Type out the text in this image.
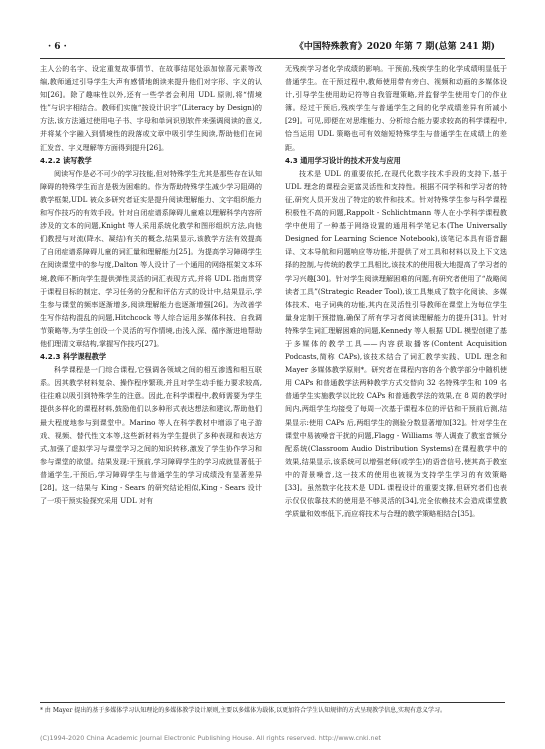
· 6 ·	《中国特殊教育》2020 年第 7 期(总第 241 期)

主人公的名字、设定重复故事情节、在故事结尾处添加惊喜元素等改编,教师通过引导学生大声有感情地朗读来提升他们对字形、字义的认知[26]。除了趣味性以外,还有一些学者会利用 UDL 原则,将“情境性”与识字相结合。教师们实施“按设计识字”(Literacy by Design)的方法,该方法通过使用电子书、字母和单词识别软件来强调阅读的意义,并将某个字融入到情境性的段落或文章中吸引学生阅读,帮助他们在词汇发音、字义理解等方面得到提升[26]。

4.2.2 读写教学

阅读写作是必不可少的学习技能,但对特殊学生尤其是那些存在认知障碍的特殊学生而言是极为困难的。作为帮助特殊学生减少学习阻碍的教学框架,UDL 被众多研究者证实是提升阅读理解能力、文字组织能力和写作技巧的有效手段。针对自闭症谱系障碍儿童难以理解科学内容所涉及的文本的问题,Knight 等人采用系统化教学和图形组织方法,向他们教授与对流(降水、凝结)有关的概念,结果显示,该教学方法有效提高了自闭症谱系障碍儿童的词汇量和理解能力[25]。为提高学习障碍学生在阅读课堂中的参与度,Dalton 等人设计了一个通用的网络框架文本环境,教师不断向学生提供弹性灵活的词汇表现方式,并将 UDL 指南贯穿于课程目标的制定、学习任务的分配和评估方式的设计中,结果显示,学生参与课堂的频率逐渐增多,阅读理解能力也逐渐增强[26]。为改善学生写作结构混乱的问题,Hitchcock 等人综合运用多媒体科技、自我调节策略等,为学生创设一个灵活的写作情境,由浅入深、循序渐进地帮助他们理清文章结构,掌握写作技巧[27]。

4.2.3 科学课程教学

科学课程是一门综合课程,它强调各领域之间的相互渗透和相互联系。因其教学材料复杂、操作程序繁琐,并且对学生动手能力要求较高,往往难以吸引到特殊学生的注意。因此,在科学课程中,教师需要为学生提供多样化的课程材料,鼓励他们以多种形式表达想法和建议,帮助他们最大程度地参与到课堂中。Marino 等人在科学教材中增添了电子游戏、视频、替代性文本等,这些新材料为学生提供了多种表现和表达方式,加强了虚拟学习与课堂学习之间的知识转移,激发了学生协作学习和参与课堂的欲望。结果发现:干预前,学习障碍学生的学习成就显著低于普通学生,干预后,学习障碍学生与普通学生的学习成绩没有显著差异[28]。这一结果与 King - Sears 的研究结论相似,King - Sears 设计了一项干预实验探究采用 UDL 对有

无残疾学习者化学成绩的影响。干预前,残疾学生的化学成绩明显低于普通学生。在干预过程中,教师使用带有旁白、视频和动画的多媒体设计,引导学生使用助记符等自我管理策略,并监督学生使用专门的作业簿。经过干预后,残疾学生与普通学生之间的化学成绩差异有所减小[29]。可见,即便在对思维能力、分析综合能力要求较高的科学课程中,恰当运用 UDL 策略也可有效缩短特殊学生与普通学生在成绩上的差距。

4.3 通用学习设计的技术开发与应用

技术是 UDL 的重要依托,在现代化数字技术手段的支持下,基于 UDL 理念的课程会更富灵活性和支持性。根据不同学科和学习者的特征,研究人员开发出了特定的软件和技术。针对特殊学生参与科学课程积极性不高的问题,Rappolt - Schlichtmann 等人在小学科学课程教学中使用了一种基于网络设置的通用科学笔记本(The Universally Designed for Learning Science Notebook),该笔记本具有语音翻译、文本导航和问题响应等功能,并提供了对工具和材料以及上下文选择的控制,与传统的教学工具相比,该技术的使用极大地提高了学习者的学习兴趣[30]。针对学生阅读理解困难的问题,有研究者使用了“战略阅读者工具”(Strategic Reader Tool),该工具集成了数字化阅读、多媒体技术、电子词典的功能,其内在灵活性引导教师在课堂上为每位学生量身定制干预措施,确保了所有学习者阅读理解能力的提升[31]。针对特殊学生词汇理解困难的问题,Kennedy 等人根据 UDL 模型创建了基于多媒体的教学工具——内容获取播客(Content Acquisition Podcasts,简称 CAPs),该技术结合了词汇教学实践、UDL 理念和 Mayer 多媒体教学原则*。研究者在课程内容的各个教学部分中随机使用 CAPs 和普通教学法两种教学方式交替向 32 名特殊学生和 109 名普通学生实施教学以比较 CAPs 和普通教学法的效果,在 8 周的教学时间内,两组学生均接受了每周一次基于课程本位的评估和干预前后测,结果显示:使用 CAPs 后,两组学生的测验分数显著增加[32]。针对学生在课堂中易被噪音干扰的问题,Flagg - Williams 等人调查了教室音频分配系统(Classroom Audio Distribution Systems)在课程教学中的效果,结果显示,该系统可以增强老师(或学生)的语音信号,使其高于教室中的背景噪音,这一技术的使用也被视为支持学生学习的有效策略[33]。虽然数字化技术是 UDL 课程设计的重要支撑,但研究者们也表示仅仅依靠技术的使用是不够灵活的[34],完全依赖技术会造成课堂教学质量和效率低下,而应将技术与合理的教学策略相结合[35]。

* 由 Mayer 提出的基于多媒体学习认知理论的多媒体教学设计原则,主要以多媒体为载体,以更加符合学生认知规律的方式呈现教学信息,实现有意义学习。
(C)1994-2020 China Academic Journal Electronic Publishing House. All rights reserved. http://www.cnki.net
